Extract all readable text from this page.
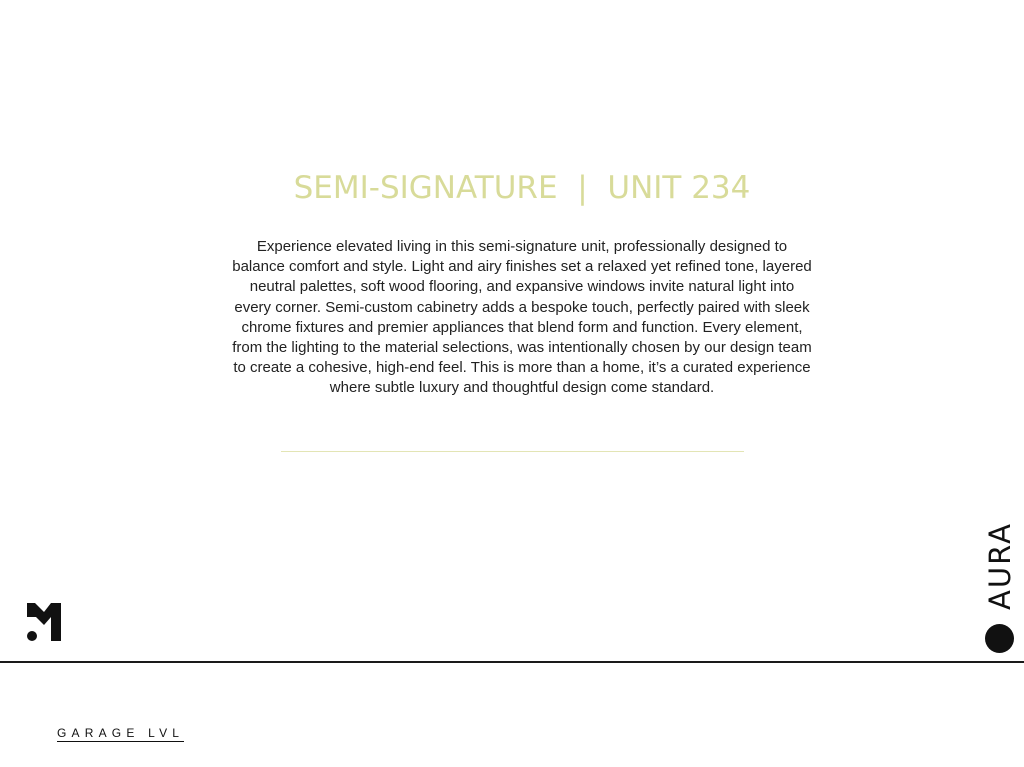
SEMI-SIGNATURE  |  UNIT 234

Experience elevated living in this semi-signature unit, professionally designed to balance comfort and style. Light and airy finishes set a relaxed yet refined tone, layered neutral palettes, soft wood flooring, and expansive windows invite natural light into every corner. Semi-custom cabinetry adds a bespoke touch, perfectly paired with sleek chrome fixtures and premier appliances that blend form and function. Every element, from the lighting to the material selections, was intentionally chosen by our design team to create a cohesive, high-end feel. This is more than a home, it’s a curated experience where subtle luxury and thoughtful design come standard.

AURA
GARAGE LVL
